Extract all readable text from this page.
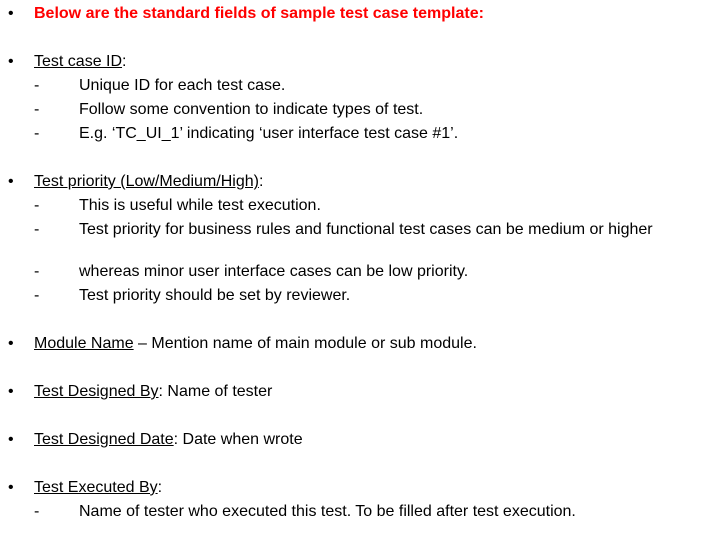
• Below are the standard fields of sample test case template:
• Test case ID:
- Unique ID for each test case.
- Follow some convention to indicate types of test.
- E.g. ‘TC_UI_1’ indicating ‘user interface test case #1’.
• Test priority (Low/Medium/High):
- This is useful while test execution.
- Test priority for business rules and functional test cases can be medium or higher
- whereas minor user interface cases can be low priority.
- Test priority should be set by reviewer.
• Module Name – Mention name of main module or sub module.
• Test Designed By: Name of tester
• Test Designed Date: Date when wrote
• Test Executed By:
- Name of tester who executed this test. To be filled after test execution.
